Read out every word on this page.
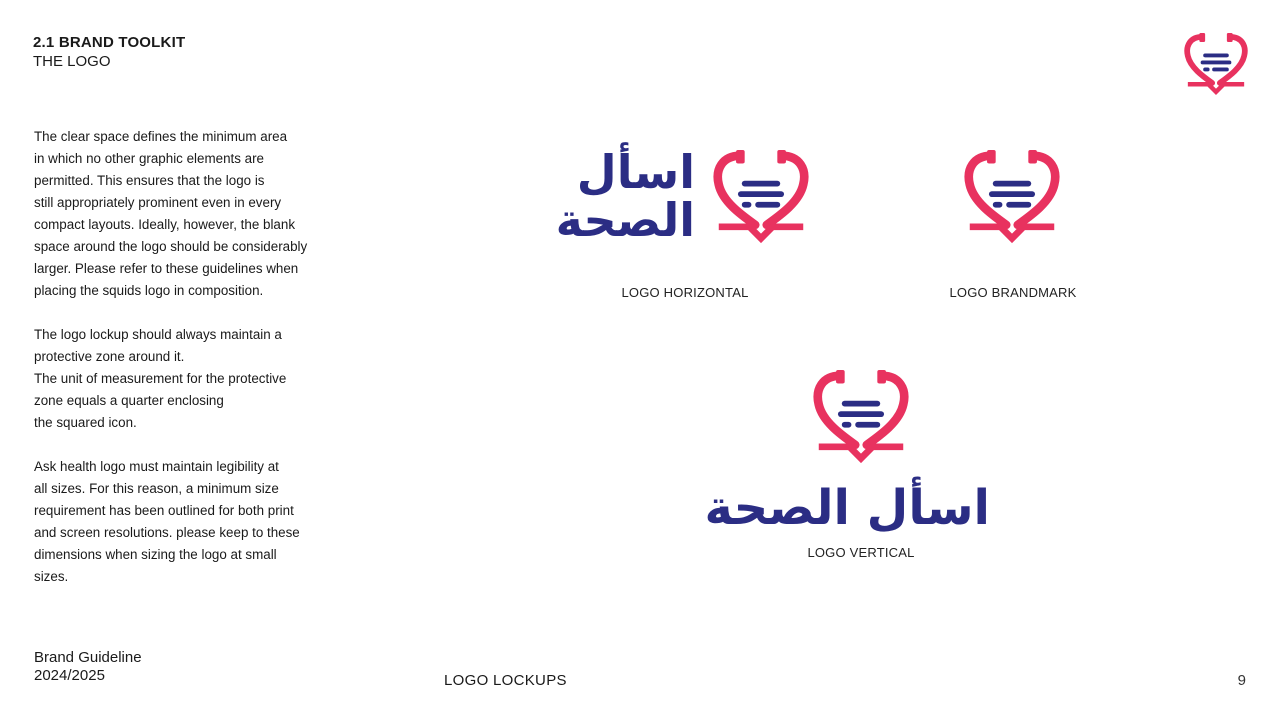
2.1 BRAND TOOLKIT
THE LOGO

The clear space defines the minimum area
in which no other graphic elements are
permitted. This ensures that the logo is
still appropriately prominent even in every
compact layouts. Ideally, however, the blank
space around the logo should be considerably
larger. Please refer to these guidelines when
placing the squids logo in composition.

The logo lockup should always maintain a
protective zone around it.
The unit of measurement for the protective
zone equals a quarter enclosing
the squared icon.

Ask health logo must maintain legibility at
all sizes. For this reason, a minimum size
requirement has been outlined for both print
and screen resolutions. please keep to these
dimensions when sizing the logo at small
sizes.

اسأل
الصحة
LOGO HORIZONTAL	LOGO BRANDMARK
اسأل الصحة
LOGO VERTICAL
Brand Guideline
2024/2025	LOGO LOCKUPS	9
